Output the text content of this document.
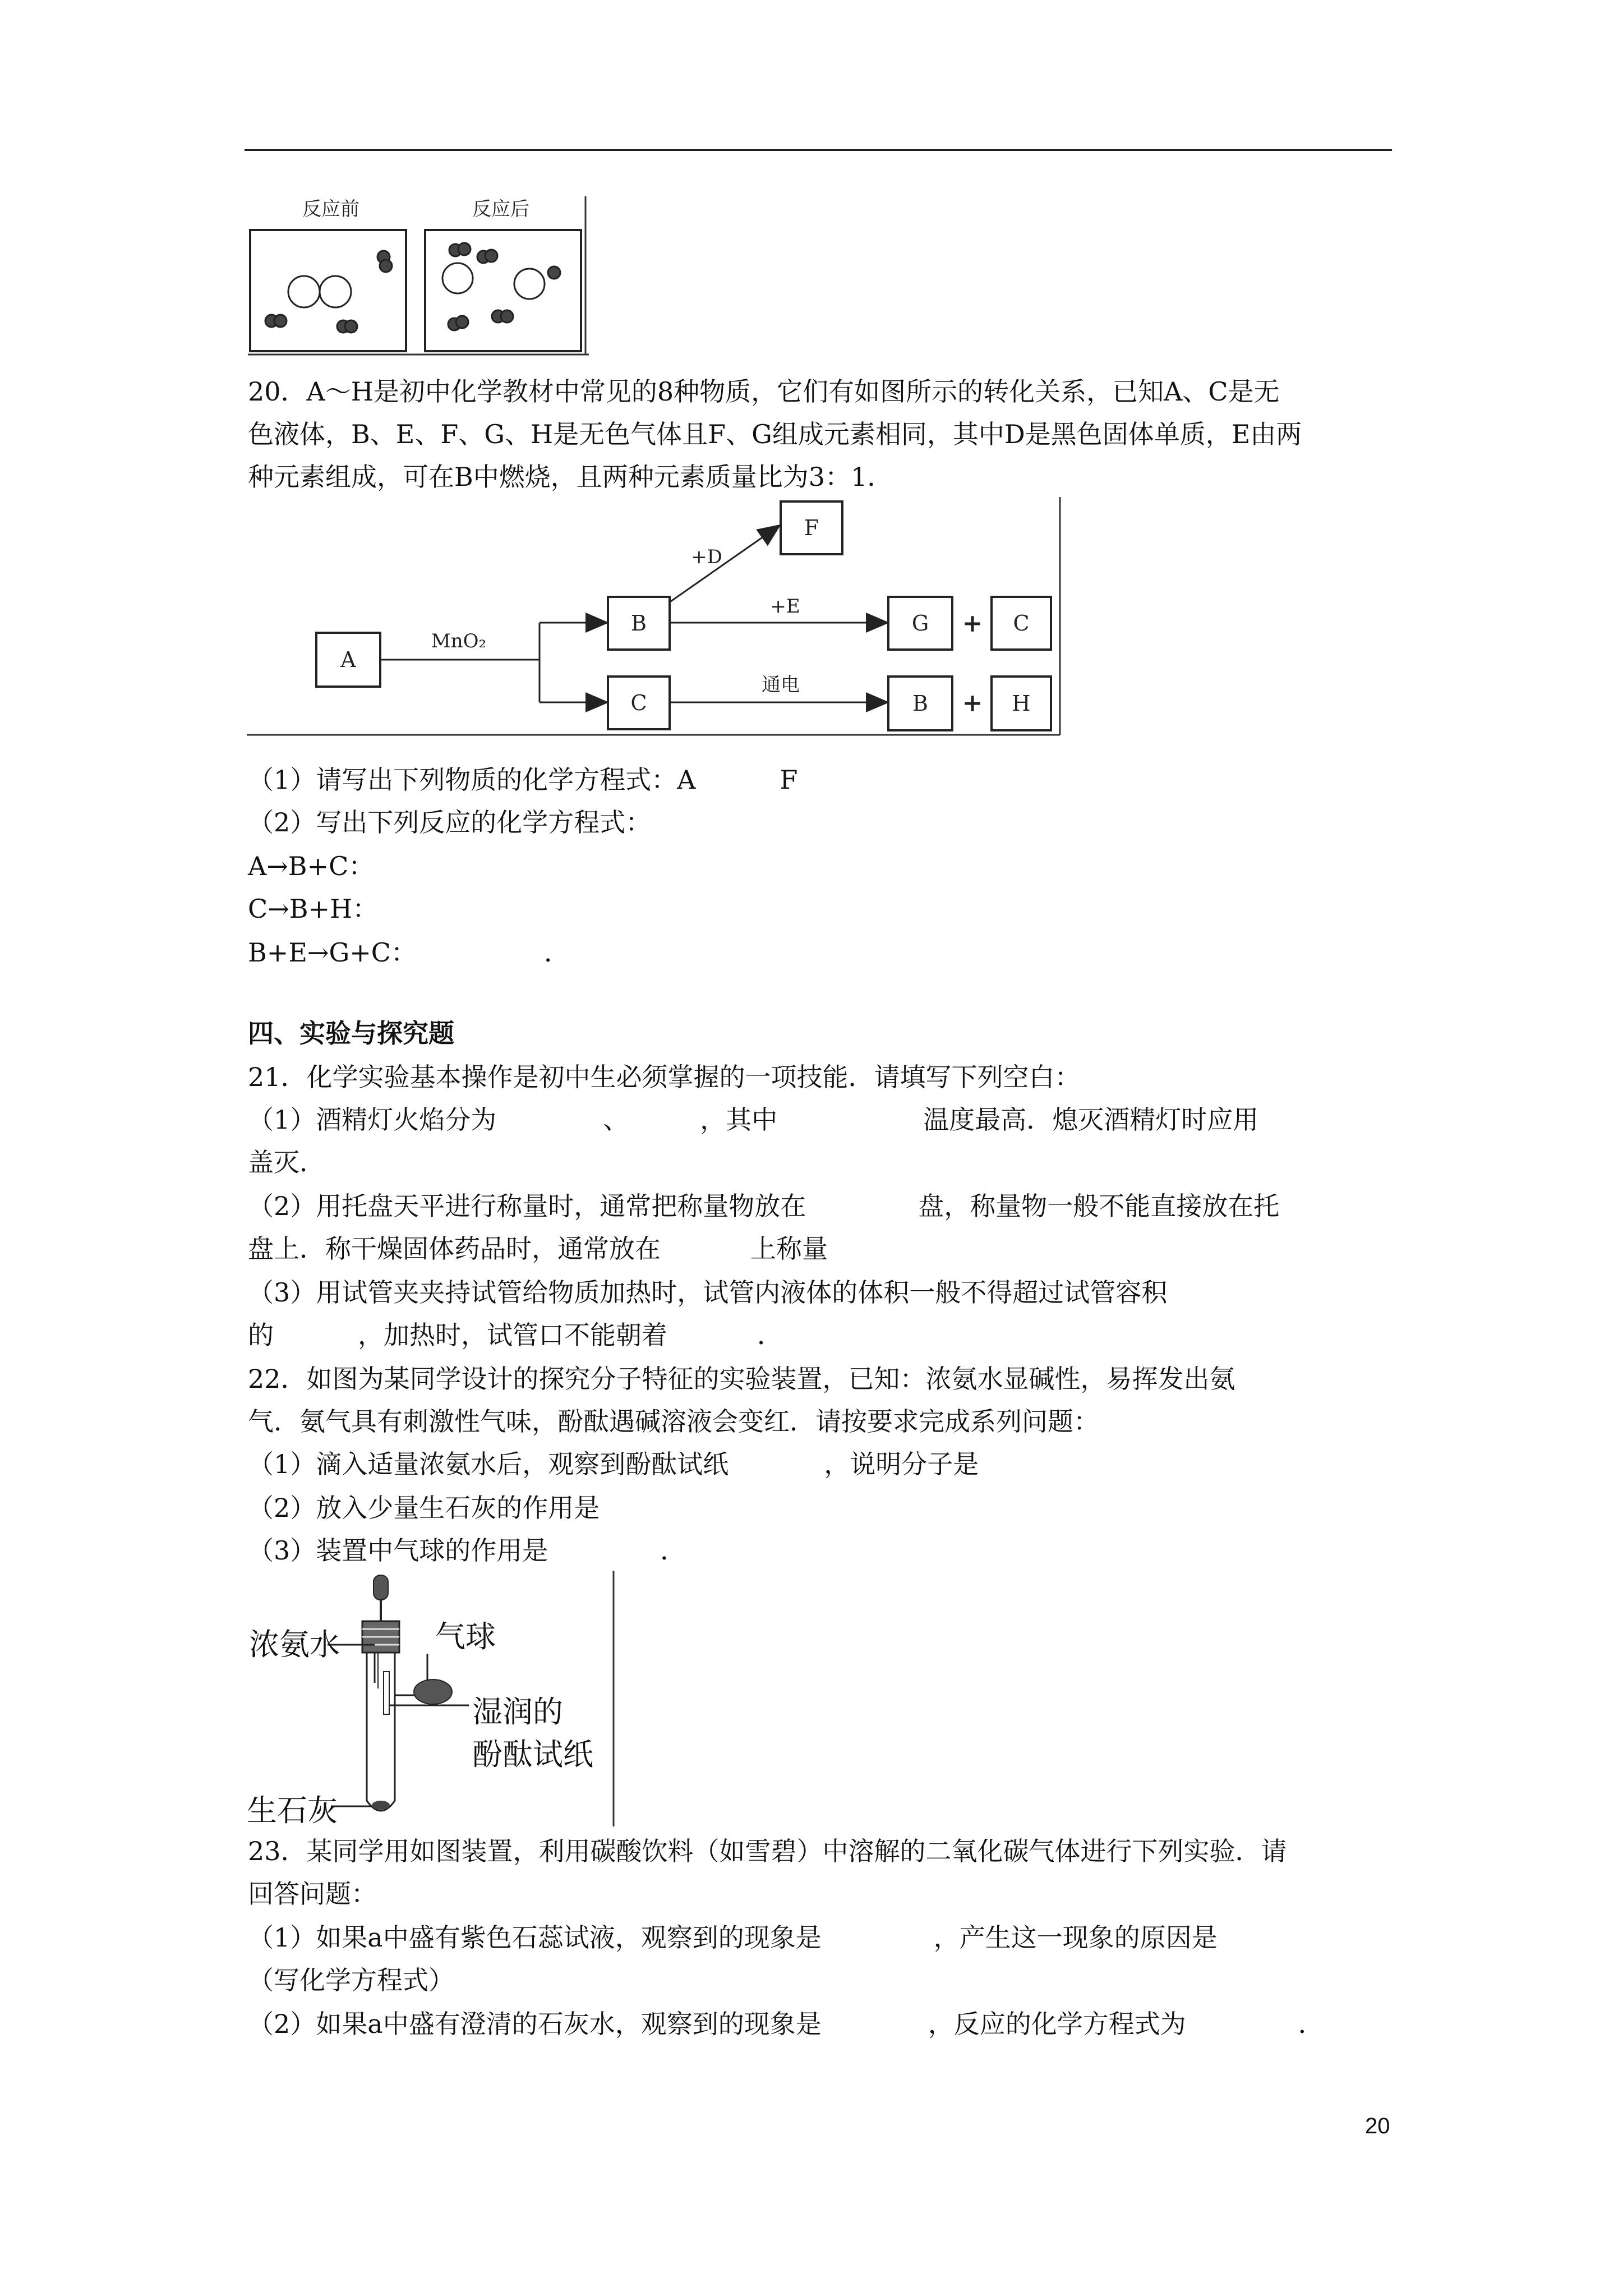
反应前	反应后
20．A～H是初中化学教材中常见的8种物质，它们有如图所示的转化关系，已知A、C是无
色液体，B、E、F、G、H是无色气体且F、G组成元素相同，其中D是黑色固体单质，E由两
种元素组成，可在B中燃烧，且两种元素质量比为3：1．
A
B
C
F
G	C
B	H
MnO₂
+D
+E
通电
+
+
（1）请写出下列物质的化学方程式：A	F
（2）写出下列反应的化学方程式：
A→B+C：
C→B+H：
B+E→G+C：	．
四、实验与探究题
21．化学实验基本操作是初中生必须掌握的一项技能．请填写下列空白：
（1）酒精灯火焰分为	、	，其中	温度最高．熄灭酒精灯时应用
盖灭．
（2）用托盘天平进行称量时，通常把称量物放在	盘，称量物一般不能直接放在托
盘上．称干燥固体药品时，通常放在	上称量
（3）用试管夹夹持试管给物质加热时，试管内液体的体积一般不得超过试管容积
的	，加热时，试管口不能朝着	．
22．如图为某同学设计的探究分子特征的实验装置，已知：浓氨水显碱性，易挥发出氨
气．氨气具有刺激性气味，酚酞遇碱溶液会变红．请按要求完成系列问题：
（1）滴入适量浓氨水后，观察到酚酞试纸	，说明分子是
（2）放入少量生石灰的作用是
（3）装置中气球的作用是	．
浓氨水	气球
湿润的
酚酞试纸
生石灰
23．某同学用如图装置，利用碳酸饮料（如雪碧）中溶解的二氧化碳气体进行下列实验．请
回答问题：
（1）如果a中盛有紫色石蕊试液，观察到的现象是	，产生这一现象的原因是
（写化学方程式）
（2）如果a中盛有澄清的石灰水，观察到的现象是	，反应的化学方程式为	．
20
